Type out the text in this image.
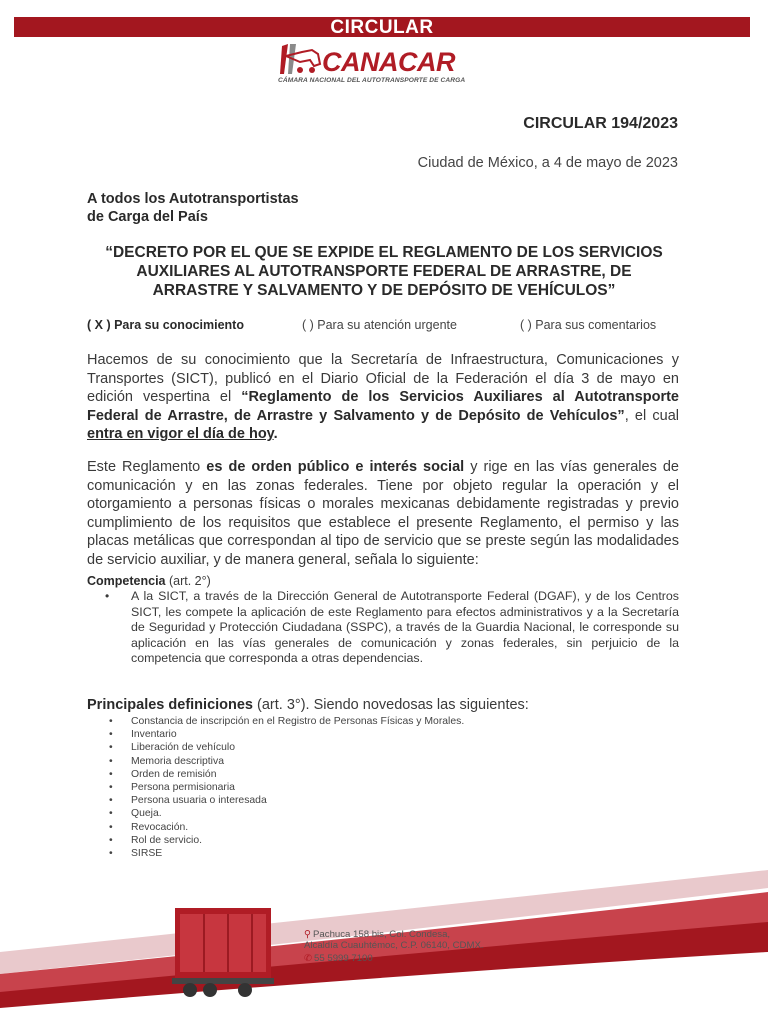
CIRCULAR
CANACAR
CÁMARA NACIONAL DEL AUTOTRANSPORTE DE CARGA
CIRCULAR 194/2023
Ciudad de México, a 4 de mayo de 2023
A todos los Autotransportistas
de Carga del País
“DECRETO POR EL QUE SE EXPIDE EL REGLAMENTO DE LOS SERVICIOS
AUXILIARES AL AUTOTRANSPORTE FEDERAL DE ARRASTRE, DE
ARRASTRE Y SALVAMENTO Y DE DEPÓSITO DE VEHÍCULOS”
( X ) Para su conocimiento	( ) Para su atención urgente	( ) Para sus comentarios
Hacemos de su conocimiento que la Secretaría de Infraestructura, Comunicaciones y Transportes (SICT), publicó en el Diario Oficial de la Federación el día 3 de mayo en edición vespertina el “Reglamento de los Servicios Auxiliares al Autotransporte Federal de Arrastre, de Arrastre y Salvamento y de Depósito de Vehículos”, el cual entra en vigor el día de hoy.
Este Reglamento es de orden público e interés social y rige en las vías generales de comunicación y en las zonas federales. Tiene por objeto regular la operación y el otorgamiento a personas físicas o morales mexicanas debidamente registradas y previo cumplimiento de los requisitos que establece el presente Reglamento, el permiso y las placas metálicas que correspondan al tipo de servicio que se preste según las modalidades de servicio auxiliar, y de manera general, señala lo siguiente:
Competencia (art. 2°)
• A la SICT, a través de la Dirección General de Autotransporte Federal (DGAF), y de los Centros SICT, les compete la aplicación de este Reglamento para efectos administrativos y a la Secretaría de Seguridad y Protección Ciudadana (SSPC), a través de la Guardia Nacional, le corresponde su aplicación en las vías generales de comunicación y zonas federales, sin perjuicio de la competencia que corresponda a otras dependencias.
Principales definiciones (art. 3°). Siendo novedosas las siguientes:
• Constancia de inscripción en el Registro de Personas Físicas y Morales.
• Inventario
• Liberación de vehículo
• Memoria descriptiva
• Orden de remisión
• Persona permisionaria
• Persona usuaria o interesada
• Queja.
• Revocación.
• Rol de servicio.
• SIRSE
⚲ Pachuca 158 bis, Col. Condesa,
Alcaldía Cuauhtémoc, C.P. 06140, CDMX.
✆ 55 5999 7100
